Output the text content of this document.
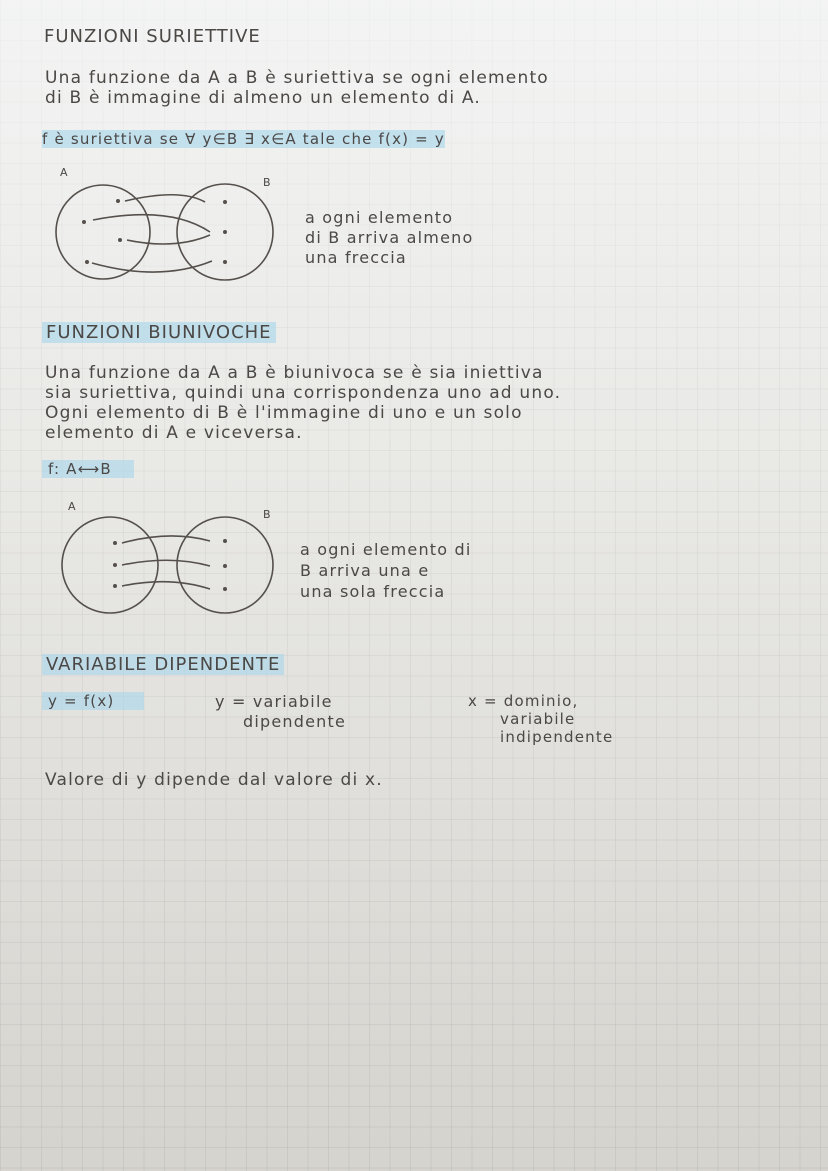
FUNZIONI SURIETTIVE
Una funzione da A a B è suriettiva se ogni elemento
di B è immagine di almeno un elemento di A.
f è suriettiva se ∀ y∈B ∃ x∈A tale che f(x) = y
A
B
a ogni elemento
di B arriva almeno
una freccia
FUNZIONI BIUNIVOCHE
Una funzione da A a B è biunivoca se è sia iniettiva
sia suriettiva, quindi una corrispondenza uno ad uno.
Ogni elemento di B è l'immagine di uno e un solo
elemento di A e viceversa.
f: A⟷B
A
B
a ogni elemento di
B arriva una e
una sola freccia
VARIABILE DIPENDENTE
y = f(x)	y = variabile
dipendente
x = dominio,
variabile
indipendente
Valore di y dipende dal valore di x.
